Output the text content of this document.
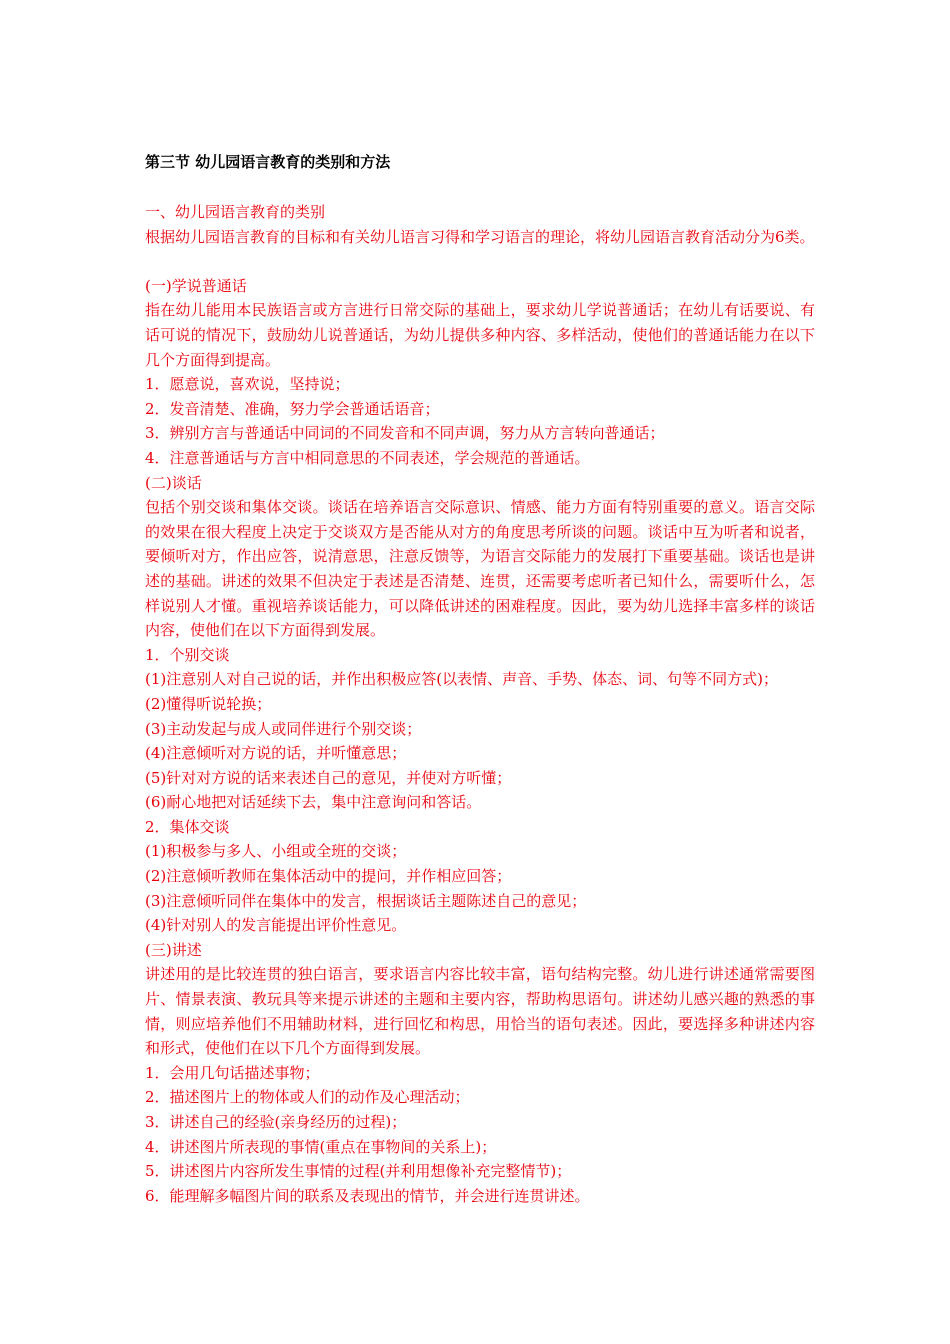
第三节 幼儿园语言教育的类别和方法

一、幼儿园语言教育的类别

根据幼儿园语言教育的目标和有关幼儿语言习得和学习语言的理论，将幼儿园语言教育活动分为6类。

(一)学说普通话

指在幼儿能用本民族语言或方言进行日常交际的基础上，要求幼儿学说普通话；在幼儿有话要说、有话可说的情况下，鼓励幼儿说普通话，为幼儿提供多种内容、多样活动，使他们的普通话能力在以下几个方面得到提高。

1．愿意说，喜欢说，坚持说；

2．发音清楚、准确，努力学会普通话语音；

3．辨别方言与普通话中同词的不同发音和不同声调，努力从方言转向普通话；

4．注意普通话与方言中相同意思的不同表述，学会规范的普通话。

(二)谈话

包括个别交谈和集体交谈。谈话在培养语言交际意识、情感、能力方面有特别重要的意义。语言交际的效果在很大程度上决定于交谈双方是否能从对方的角度思考所谈的问题。谈话中互为听者和说者，要倾听对方，作出应答，说清意思，注意反馈等，为语言交际能力的发展打下重要基础。谈话也是讲述的基础。讲述的效果不但决定于表述是否清楚、连贯，还需要考虑听者已知什么，需要听什么，怎样说别人才懂。重视培养谈话能力，可以降低讲述的困难程度。因此，要为幼儿选择丰富多样的谈话内容，使他们在以下方面得到发展。

1．个别交谈

(1)注意别人对自己说的话，并作出积极应答(以表情、声音、手势、体态、词、句等不同方式)；

(2)懂得听说轮换；

(3)主动发起与成人或同伴进行个别交谈；

(4)注意倾听对方说的话，并听懂意思；

(5)针对对方说的话来表述自己的意见，并使对方听懂；

(6)耐心地把对话延续下去，集中注意询问和答话。

2．集体交谈

(1)积极参与多人、小组或全班的交谈；

(2)注意倾听教师在集体活动中的提问，并作相应回答；

(3)注意倾听同伴在集体中的发言，根据谈话主题陈述自己的意见；

(4)针对别人的发言能提出评价性意见。

(三)讲述

讲述用的是比较连贯的独白语言，要求语言内容比较丰富，语句结构完整。幼儿进行讲述通常需要图片、情景表演、教玩具等来提示讲述的主题和主要内容，帮助构思语句。讲述幼儿感兴趣的熟悉的事情，则应培养他们不用辅助材料，进行回忆和构思，用恰当的语句表述。因此，要选择多种讲述内容和形式，使他们在以下几个方面得到发展。

1．会用几句话描述事物；

2．描述图片上的物体或人们的动作及心理活动；

3．讲述自己的经验(亲身经历的过程)；

4．讲述图片所表现的事情(重点在事物间的关系上)；

5．讲述图片内容所发生事情的过程(并利用想像补充完整情节)；

6．能理解多幅图片间的联系及表现出的情节，并会进行连贯讲述。
